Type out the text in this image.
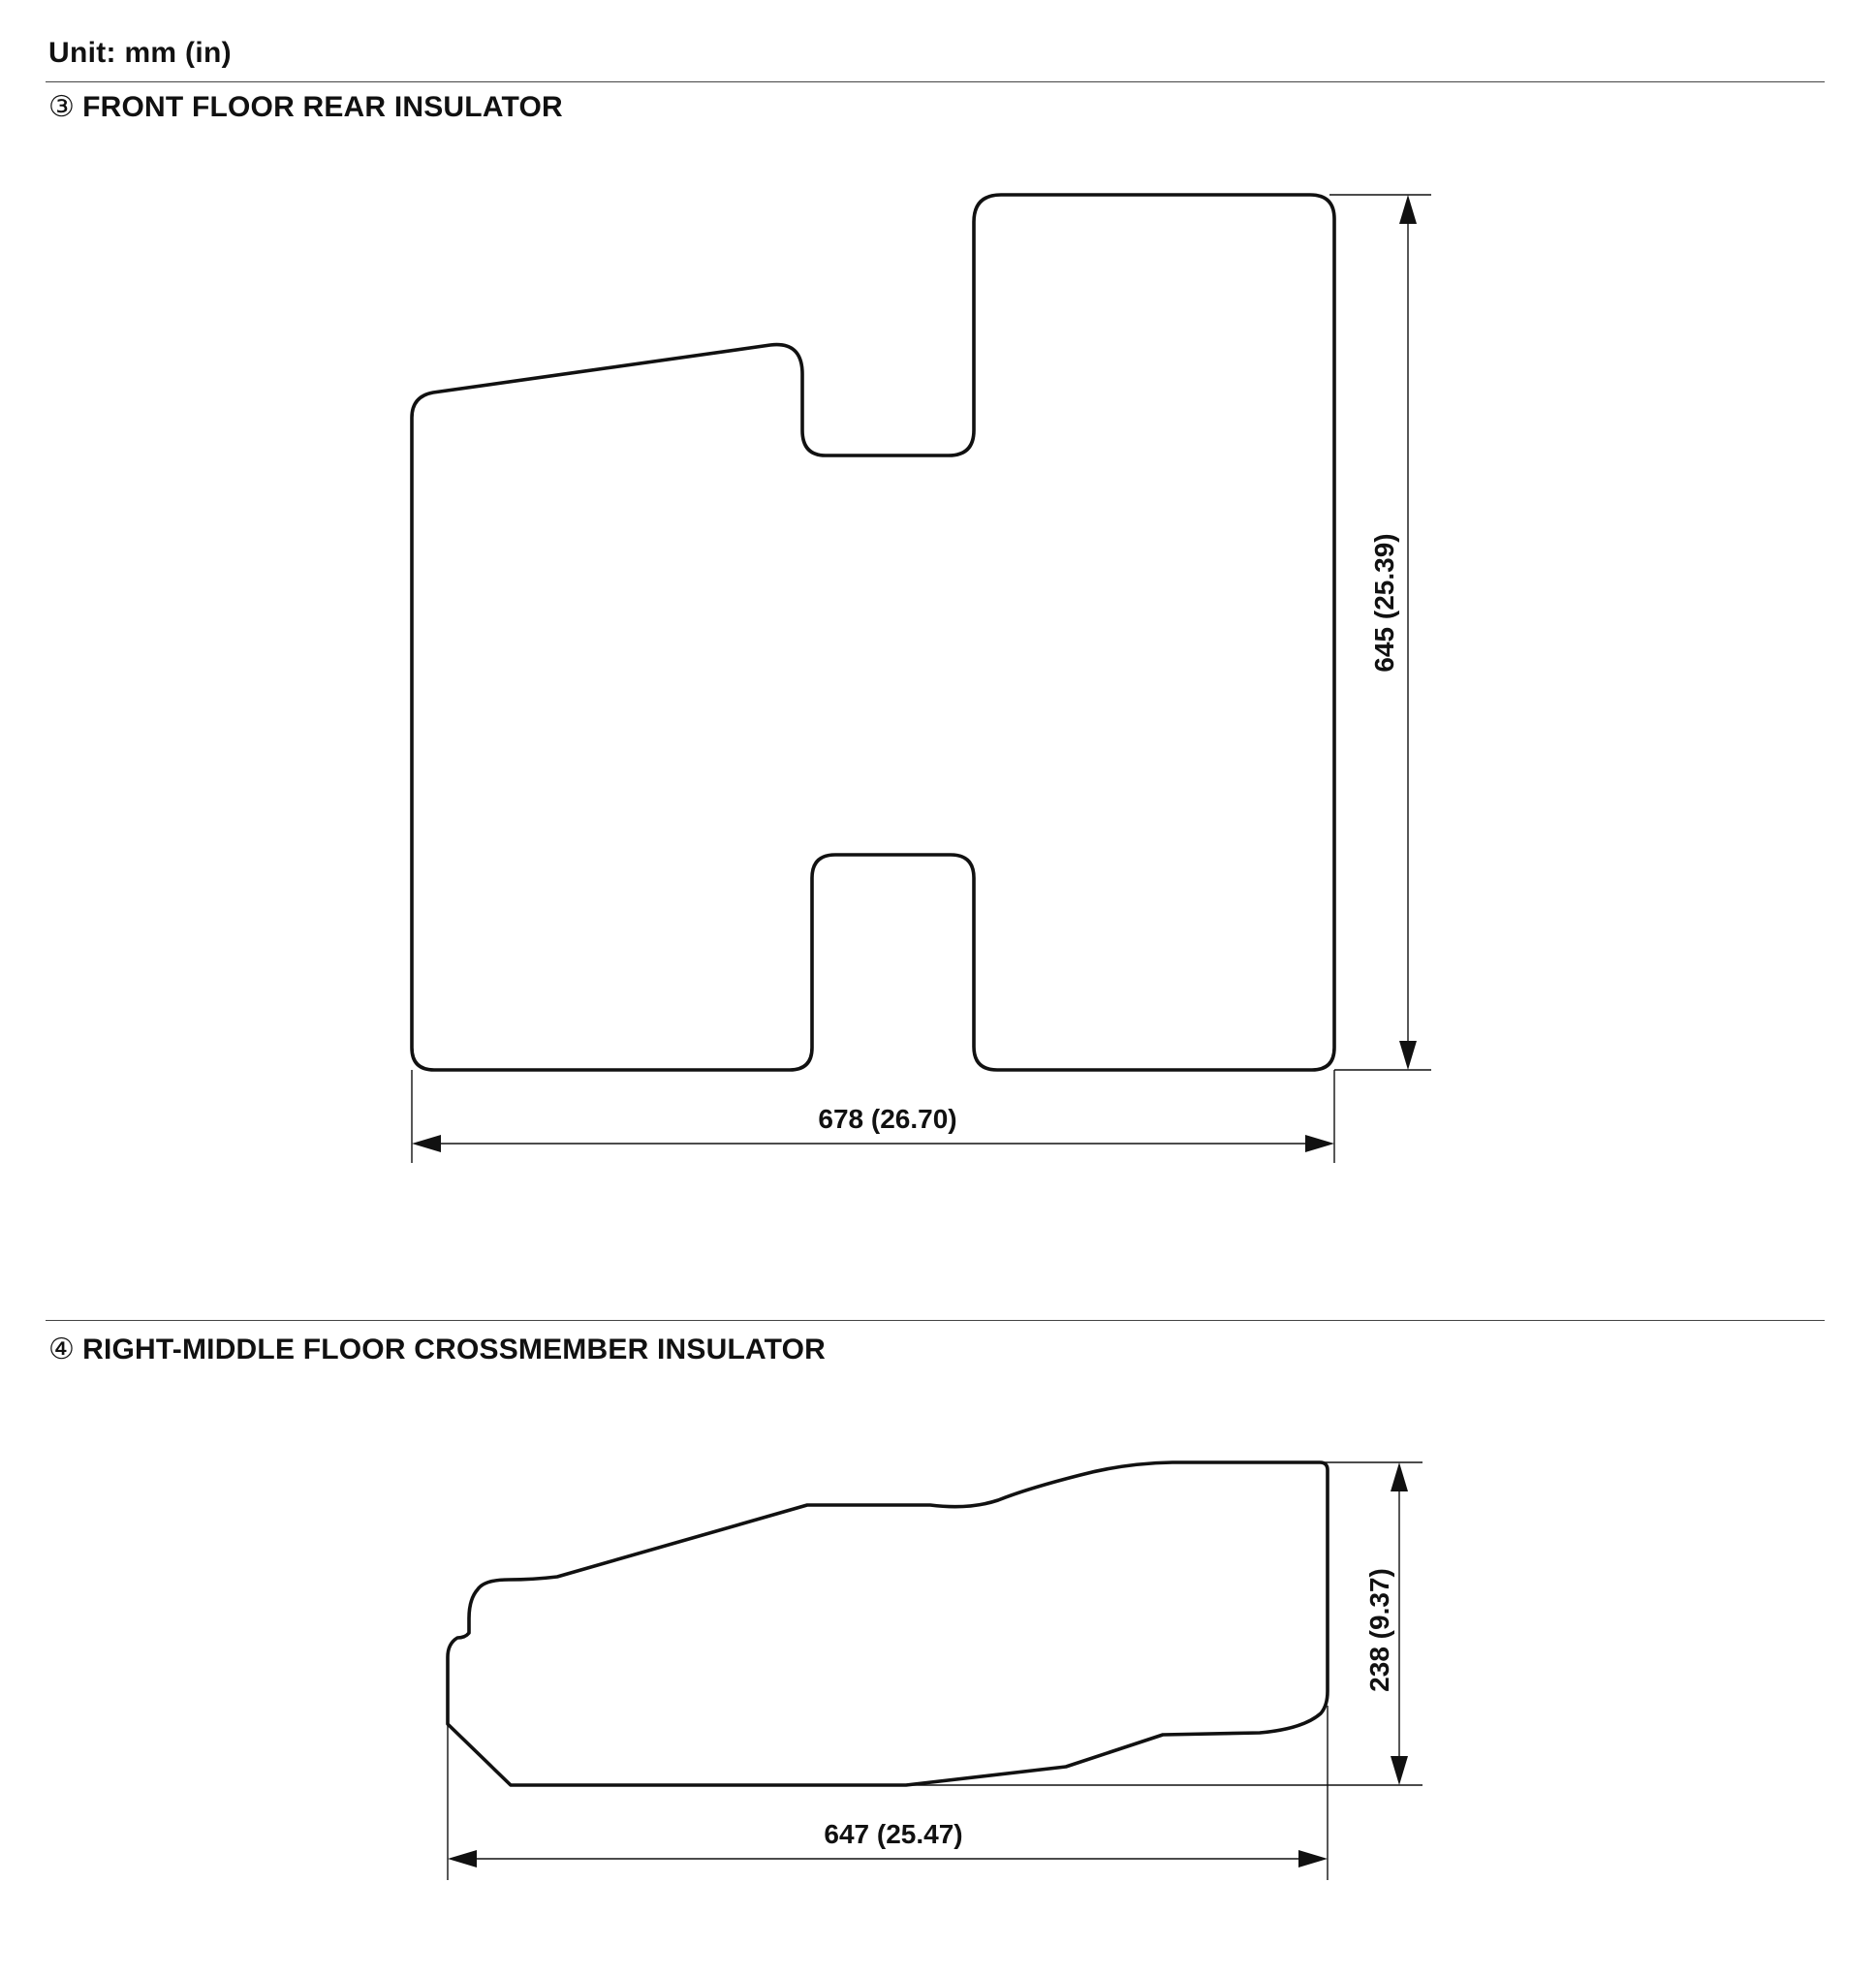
Unit: mm (in)
③ FRONT FLOOR REAR INSULATOR
④ RIGHT-MIDDLE FLOOR CROSSMEMBER INSULATOR
645 (25.39)
678 (26.70)
238 (9.37)
647 (25.47)
